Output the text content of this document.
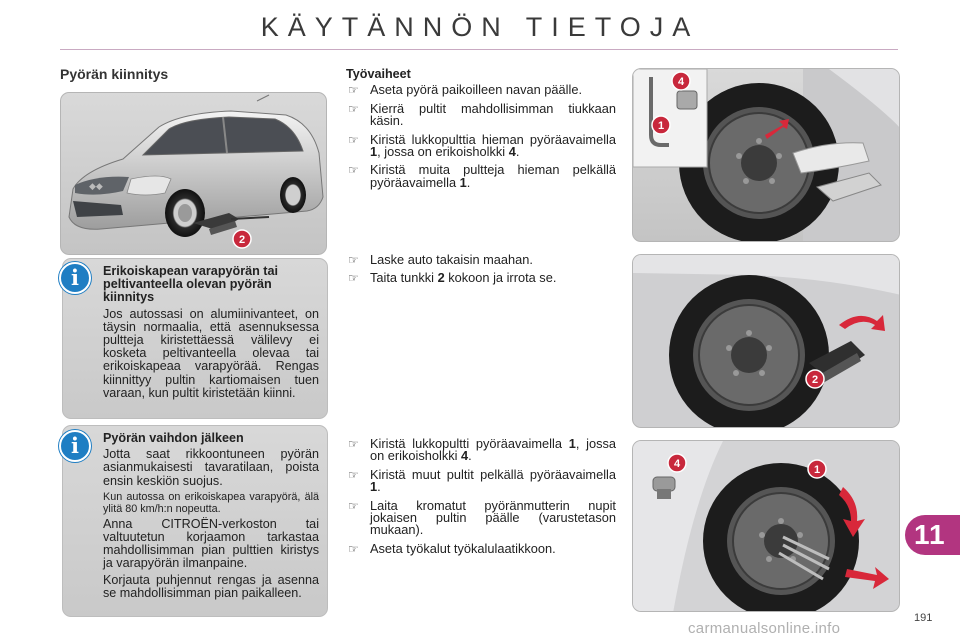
KÄYTÄNNÖN TIETOJA
Pyörän kiinnitys
◆◆
2
i	Erikoiskapean varapyörän tai peltivanteella olevan pyörän kiinnitys

Jos autossasi on alumiinivanteet, on täysin normaalia, että asennuksessa pultteja kiristettäessä välilevy ei kosketa peltivanteella olevaa tai erikoiskapeaa varapyörää. Rengas kiinnittyy pultin kartiomaisen tuen varaan, kun pultit kiristetään kiinni.

i	Pyörän vaihdon jälkeen

Jotta saat rikkoontuneen pyörän asianmukaisesti tavaratilaan, poista ensin keskiön suojus.

Kun autossa on erikoiskapea varapyörä, älä ylitä 80 km/h:n nopeutta.

Anna CITROËN-verkoston tai valtuutetun korjaamon tarkastaa mahdollisimman pian pulttien kiristys ja varapyörän ilmanpaine.

Korjauta puhjennut rengas ja asenna se mahdollisimman pian paikalleen.

Työvaiheet
☞ Aseta pyörä paikoilleen navan päälle.
☞ Kierrä pultit mahdollisimman tiukkaan käsin.
☞ Kiristä lukkopulttia hieman pyöräavaimella 1, jossa on erikoisholkki 4.
☞ Kiristä muita pultteja hieman pelkällä pyöräavaimella 1.
☞ Laske auto takaisin maahan.
☞ Taita tunkki 2 kokoon ja irrota se.
☞ Kiristä lukkopultti pyöräavaimella 1, jossa on erikoisholkki 4.
☞ Kiristä muut pultit pelkällä pyöräavaimella 1.
☞ Laita kromatut pyöränmutterin nupit jokaisen pultin päälle (varustetason mukaan).
☞ Aseta työkalut työkalulaatikkoon.
4
1
2
4	1
11
191
carmanualsonline.info
